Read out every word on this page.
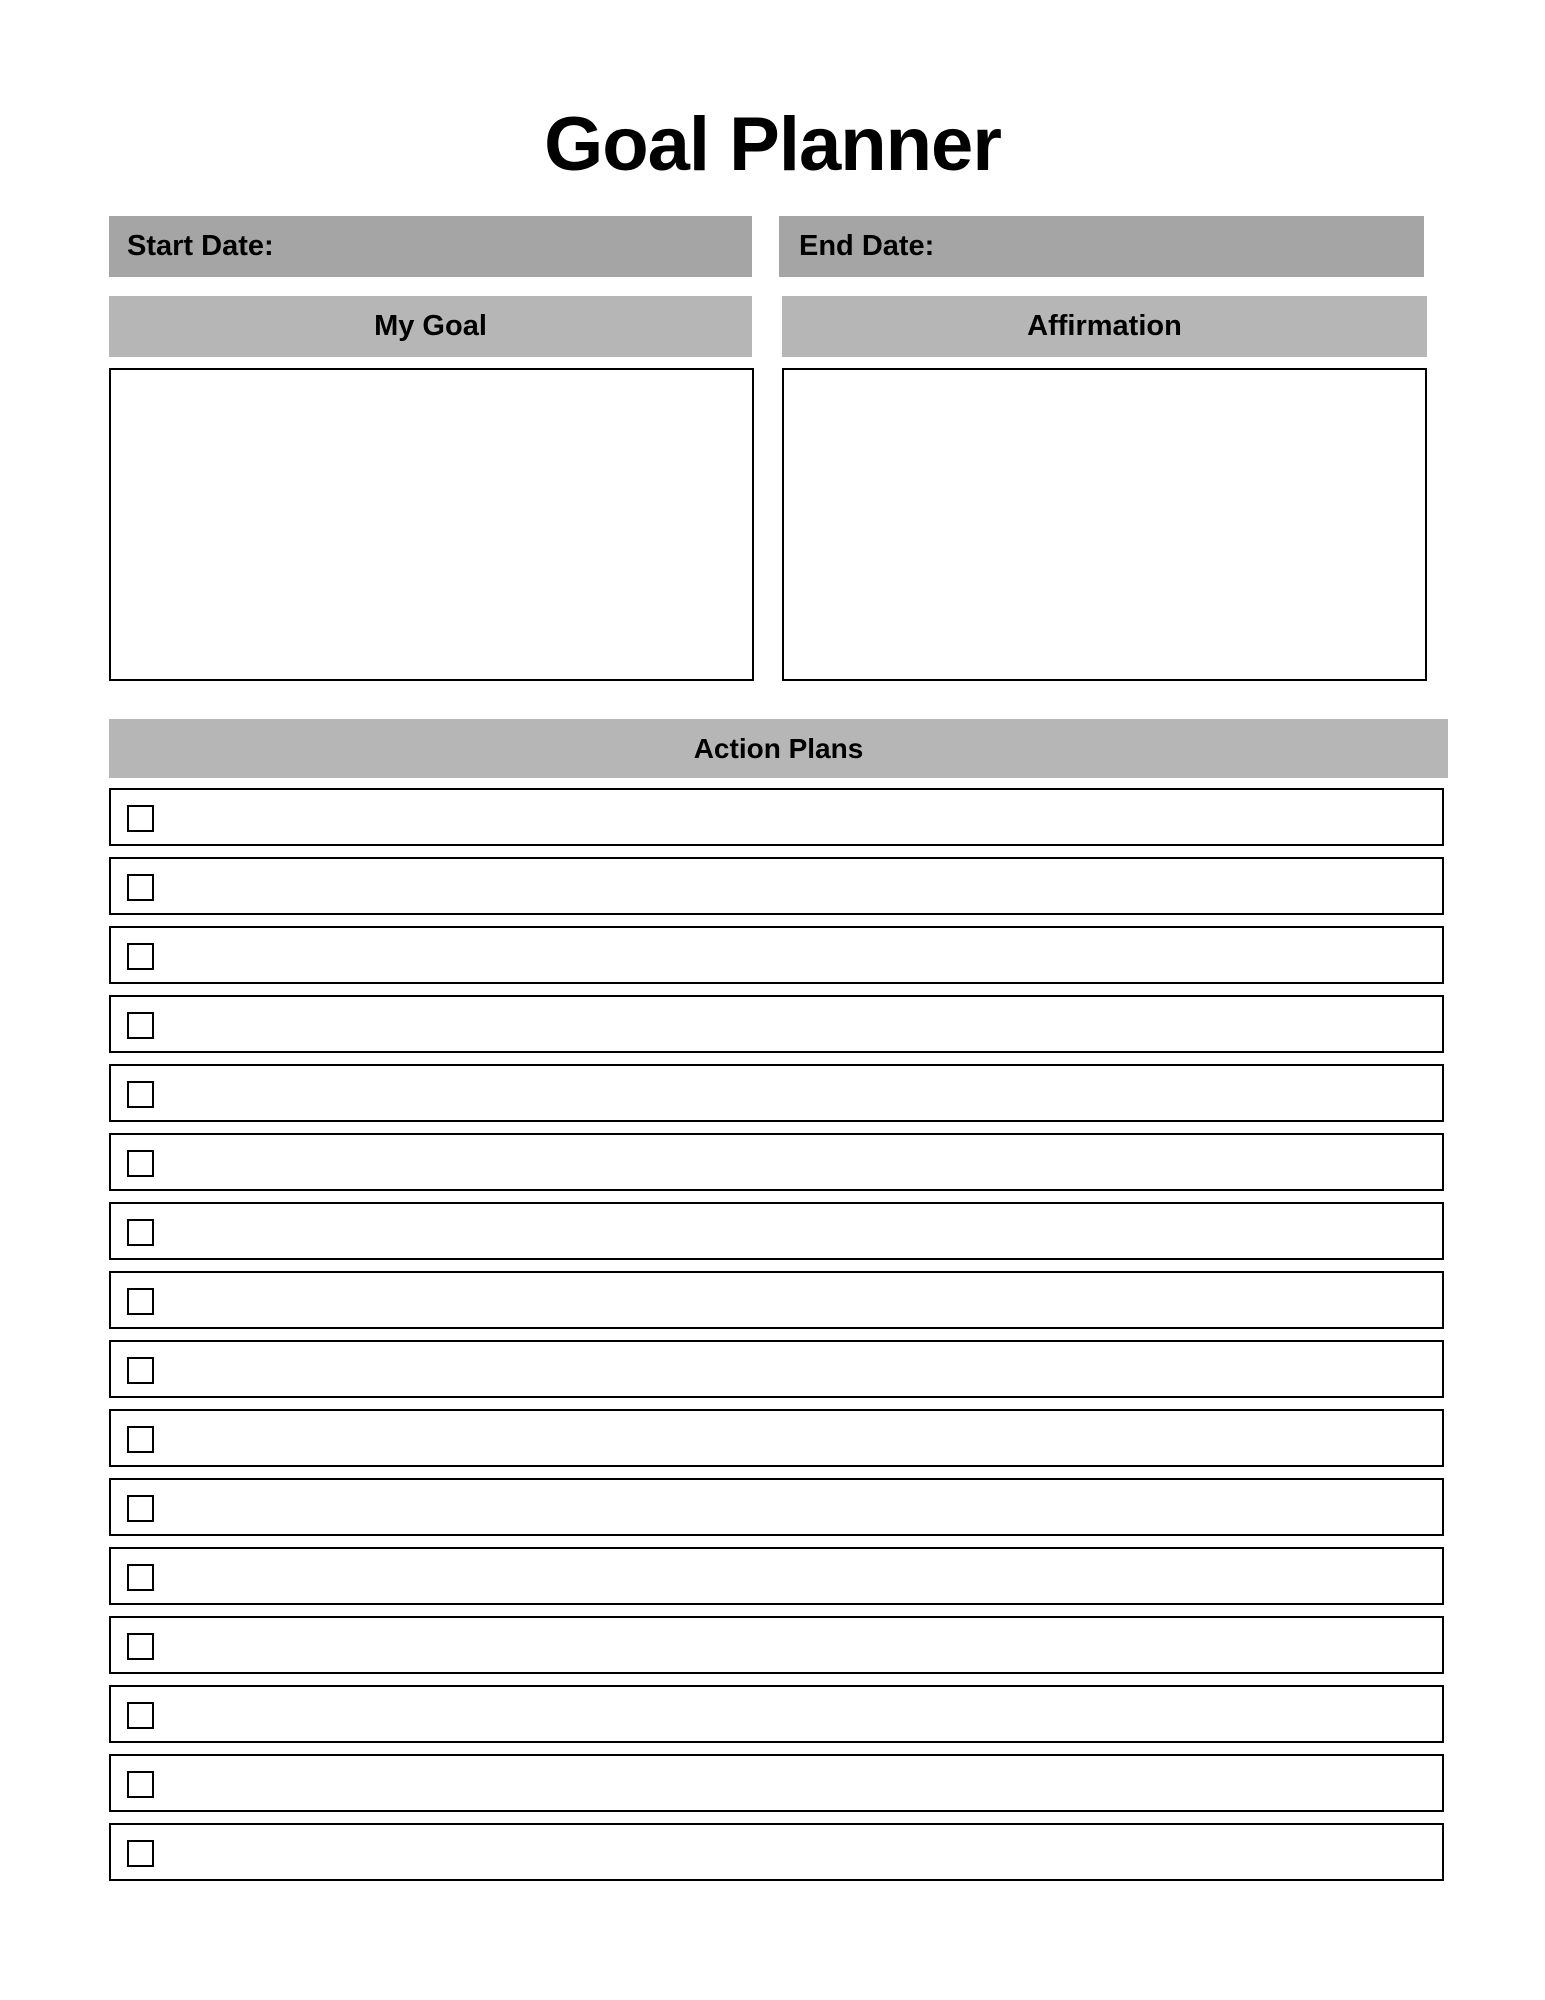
Goal Planner
Start Date:	End Date:
My Goal	Affirmation
Action Plans
